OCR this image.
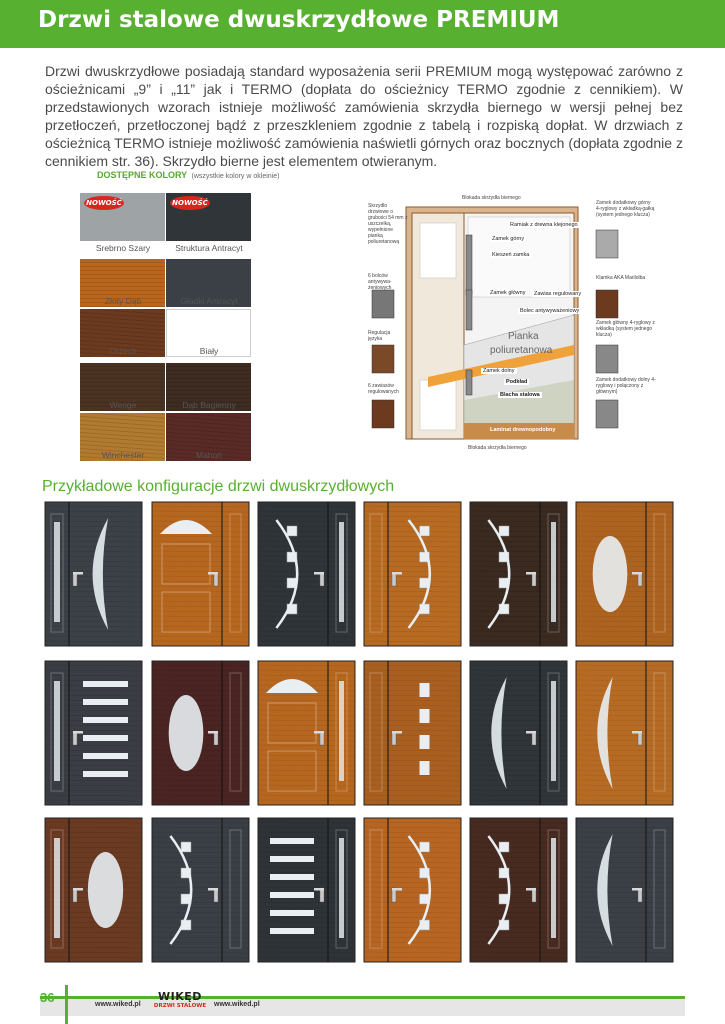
Drzwi stalowe dwuskrzydłowe PREMIUM
Drzwi dwuskrzydłowe posiadają standard wyposażenia serii PREMIUM mogą występować zarówno z ościeżnicami „9” i „11” jak i TERMO (dopłata do ościeżnicy TERMO zgodnie z cennikiem). W przedstawionych wzorach istnieje możliwość zamówienia skrzydła biernego w wersji pełnej bez przetłoczeń, przetłoczonej bądź z przeszkleniem zgodnie z tabelą i rozpiską dopłat. W drzwiach z ościeżnicą TERMO istnieje możliwość zamówienia naświetli górnych oraz bocznych (dopłata zgodnie z cennikiem str. 36). Skrzydło bierne jest elementem otwieranym.
DOSTĘPNE KOLORY (wszystkie kolory w okleinie)
NOWOŚĆ
Srebrno Szary
NOWOŚĆ
Struktura Antracyt
Złoty Dąb	Gładki Antracyt
Orzech	Biały
Wenge	Dąb Bagienny
Winchester	Mahoń
Blokada skrzydła biernego
Blokada skrzydła biernego
Skrzydło drzwiowe o grubości 54 mm z uszczelką, wypełnione pianką poliuretanową
6 bolców antywywa-żeniowych
Regulacja języka
6 zawiasów regulowanych
Zamek dodatkowy górny 4-ryglowy z wkładką-gałką (system jednego klucza)
Klamka AKA Marilolba
Zamek główny 4-ryglowy z wkładką (system jednego klucza)
Zamek dodatkowy dolny 4-ryglowy i połączony z głównym)
Ramiak z drewna klejonego
Zamek górny
Kieszeń zamka
Zamek główny	Zawias regulowany
Bolec antywyważeniowy
Zamek dolny
Podkład
Blacha stalowa
Laminat drewnopodobny
Pianka
poliuretanowa
Przykładowe konfiguracje drzwi dwuskrzydłowych
36	www.wiked.pl
WIKĘD
DRZWI STALOWE www.wiked.pl
